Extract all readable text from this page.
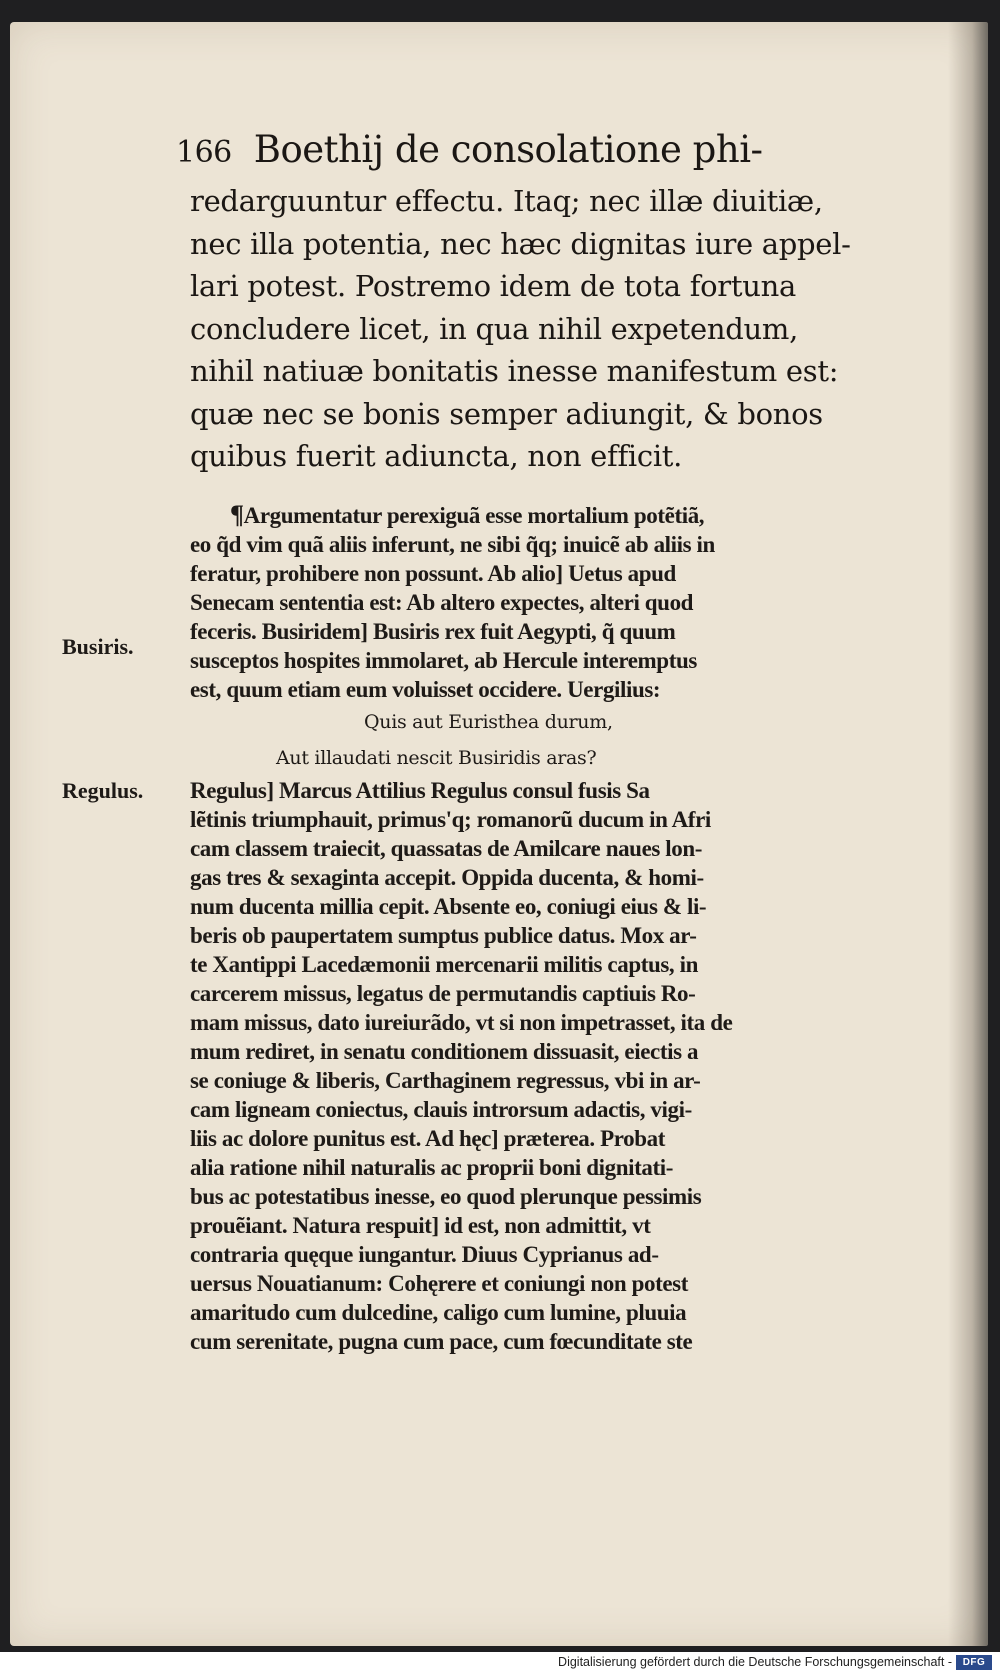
166 Boethij de consolatione phi-
redarguuntur effectu. Itaq; nec illæ diuitiæ,
nec illa potentia, nec hæc dignitas iure appel-
lari potest. Postremo idem de tota fortuna
concludere licet, in qua nihil expetendum,
nihil natiuæ bonitatis inesse manifestum est:
quæ nec se bonis semper adiungit, & bonos
quibus fuerit adiuncta, non efficit.
¶Argumentatur perexiguã esse mortalium potẽtiã,
eo q̃d vim quã aliis inferunt, ne sibi q̃q; inuicẽ ab aliis in
feratur, prohibere non possunt. Ab alio] Uetus apud
Senecam sententia est: Ab altero expectes, alteri quod
feceris. Busiridem] Busiris rex fuit Aegypti, q̃ quum
susceptos hospites immolaret, ab Hercule interemptus
est, quum etiam eum voluisset occidere. Uergilius:
Quis aut Euristhea durum,
Aut illaudati nescit Busiridis aras?
Regulus] Marcus Attilius Regulus consul fusis Sa
lẽtinis triumphauit, primus'q; romanorũ ducum in Afri
cam classem traiecit, quassatas de Amilcare naues lon-
gas tres & sexaginta accepit. Oppida ducenta, & homi-
num ducenta millia cepit. Absente eo, coniugi eius & li-
beris ob paupertatem sumptus publice datus. Mox ar-
te Xantippi Lacedæmonii mercenarii militis captus, in
carcerem missus, legatus de permutandis captiuis Ro-
mam missus, dato iureiurãdo, vt si non impetrasset, ita de
mum rediret, in senatu conditionem dissuasit, eiectis a
se coniuge & liberis, Carthaginem regressus, vbi in ar-
cam ligneam coniectus, clauis introrsum adactis, vigi-
liis ac dolore punitus est. Ad hęc] prӕterea. Probat
alia ratione nihil naturalis ac proprii boni dignitati-
bus ac potestatibus inesse, eo quod plerunque pessimis
prouẽiant. Natura respuit] id est, non admittit, vt
contraria quęque iungantur. Diuus Cyprianus ad-
uersus Nouatianum: Cohęrere et coniungi non potest
amaritudo cum dulcedine, caligo cum lumine, pluuia
cum serenitate, pugna cum pace, cum fœcunditate ste
Busiris.
Regulus.
Digitalisierung gefördert durch die Deutsche Forschungsgemeinschaft -	DFG
